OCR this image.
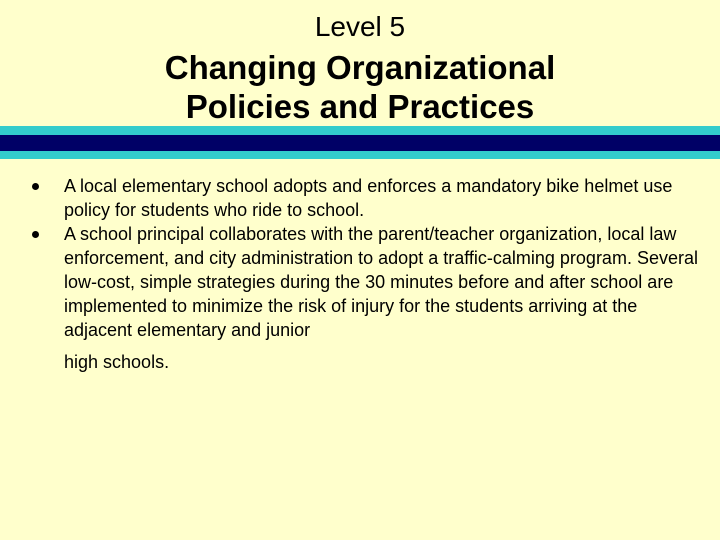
Level 5
Changing Organizational
Policies and Practices
A local elementary school adopts and enforces a mandatory bike helmet use policy for students who ride to school.
A school principal collaborates with the parent/teacher organization, local law enforcement, and city administration to adopt a traffic-calming program. Several low-cost, simple strategies during the 30 minutes before and after school are implemented to minimize the risk of injury for the students arriving at the adjacent elementary and junior
high schools.
